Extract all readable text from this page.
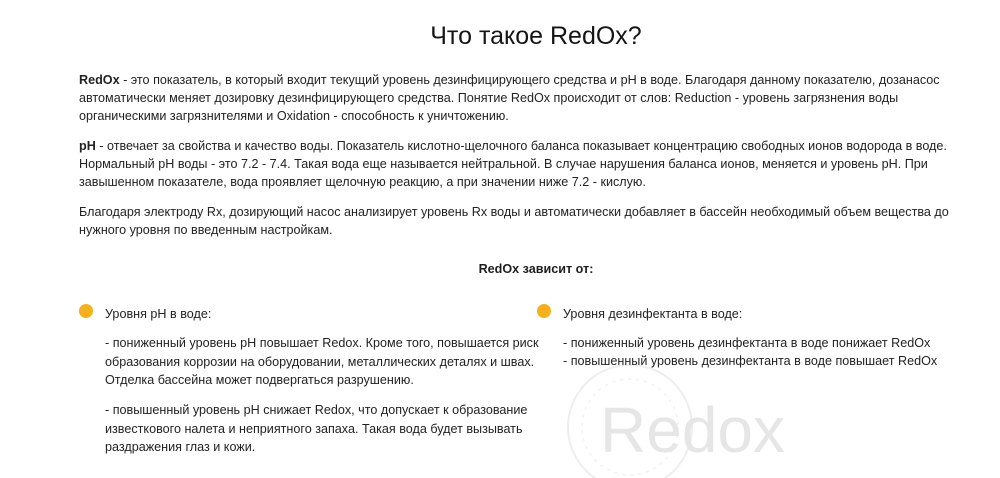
Что такое RedOx?

RedOx - это показатель, в который входит текущий уровень дезинфицирующего средства и pH в воде. Благодаря данному показателю, дозанасос автоматически меняет дозировку дезинфицирующего средства. Понятие RedOx происходит от слов: Reduction - уровень загрязнения воды органическими загрязнителями и Oxidation - способность к уничтожению.

pH - отвечает за свойства и качество воды. Показатель кислотно-щелочного баланса показывает концентрацию свободных ионов водорода в воде. Нормальный pH воды - это 7.2 - 7.4. Такая вода еще называется нейтральной. В случае нарушения баланса ионов, меняется и уровень pH. При завышенном показателе, вода проявляет щелочную реакцию, а при значении ниже 7.2 - кислую.

Благодаря электроду Rx, дозирующий насос анализирует уровень Rx воды и автоматически добавляет в бассейн необходимый объем вещества до нужного уровня по введенным настройкам.

RedOx зависит от:

Redox
Уровня pH в воде:

- пониженный уровень pH повышает Redox. Кроме того, повышается риск образования коррозии на оборудовании, металлических деталях и швах. Отделка бассейна может подвергаться разрушению.

- повышенный уровень pH снижает Redox, что допускает к образование известкового налета и неприятного запаха. Такая вода будет вызывать раздражения глаз и кожи.

Уровня дезинфектанта в воде:

- пониженный уровень дезинфектанта в воде понижает RedOx

- повышенный уровень дезинфектанта в воде повышает RedOx
